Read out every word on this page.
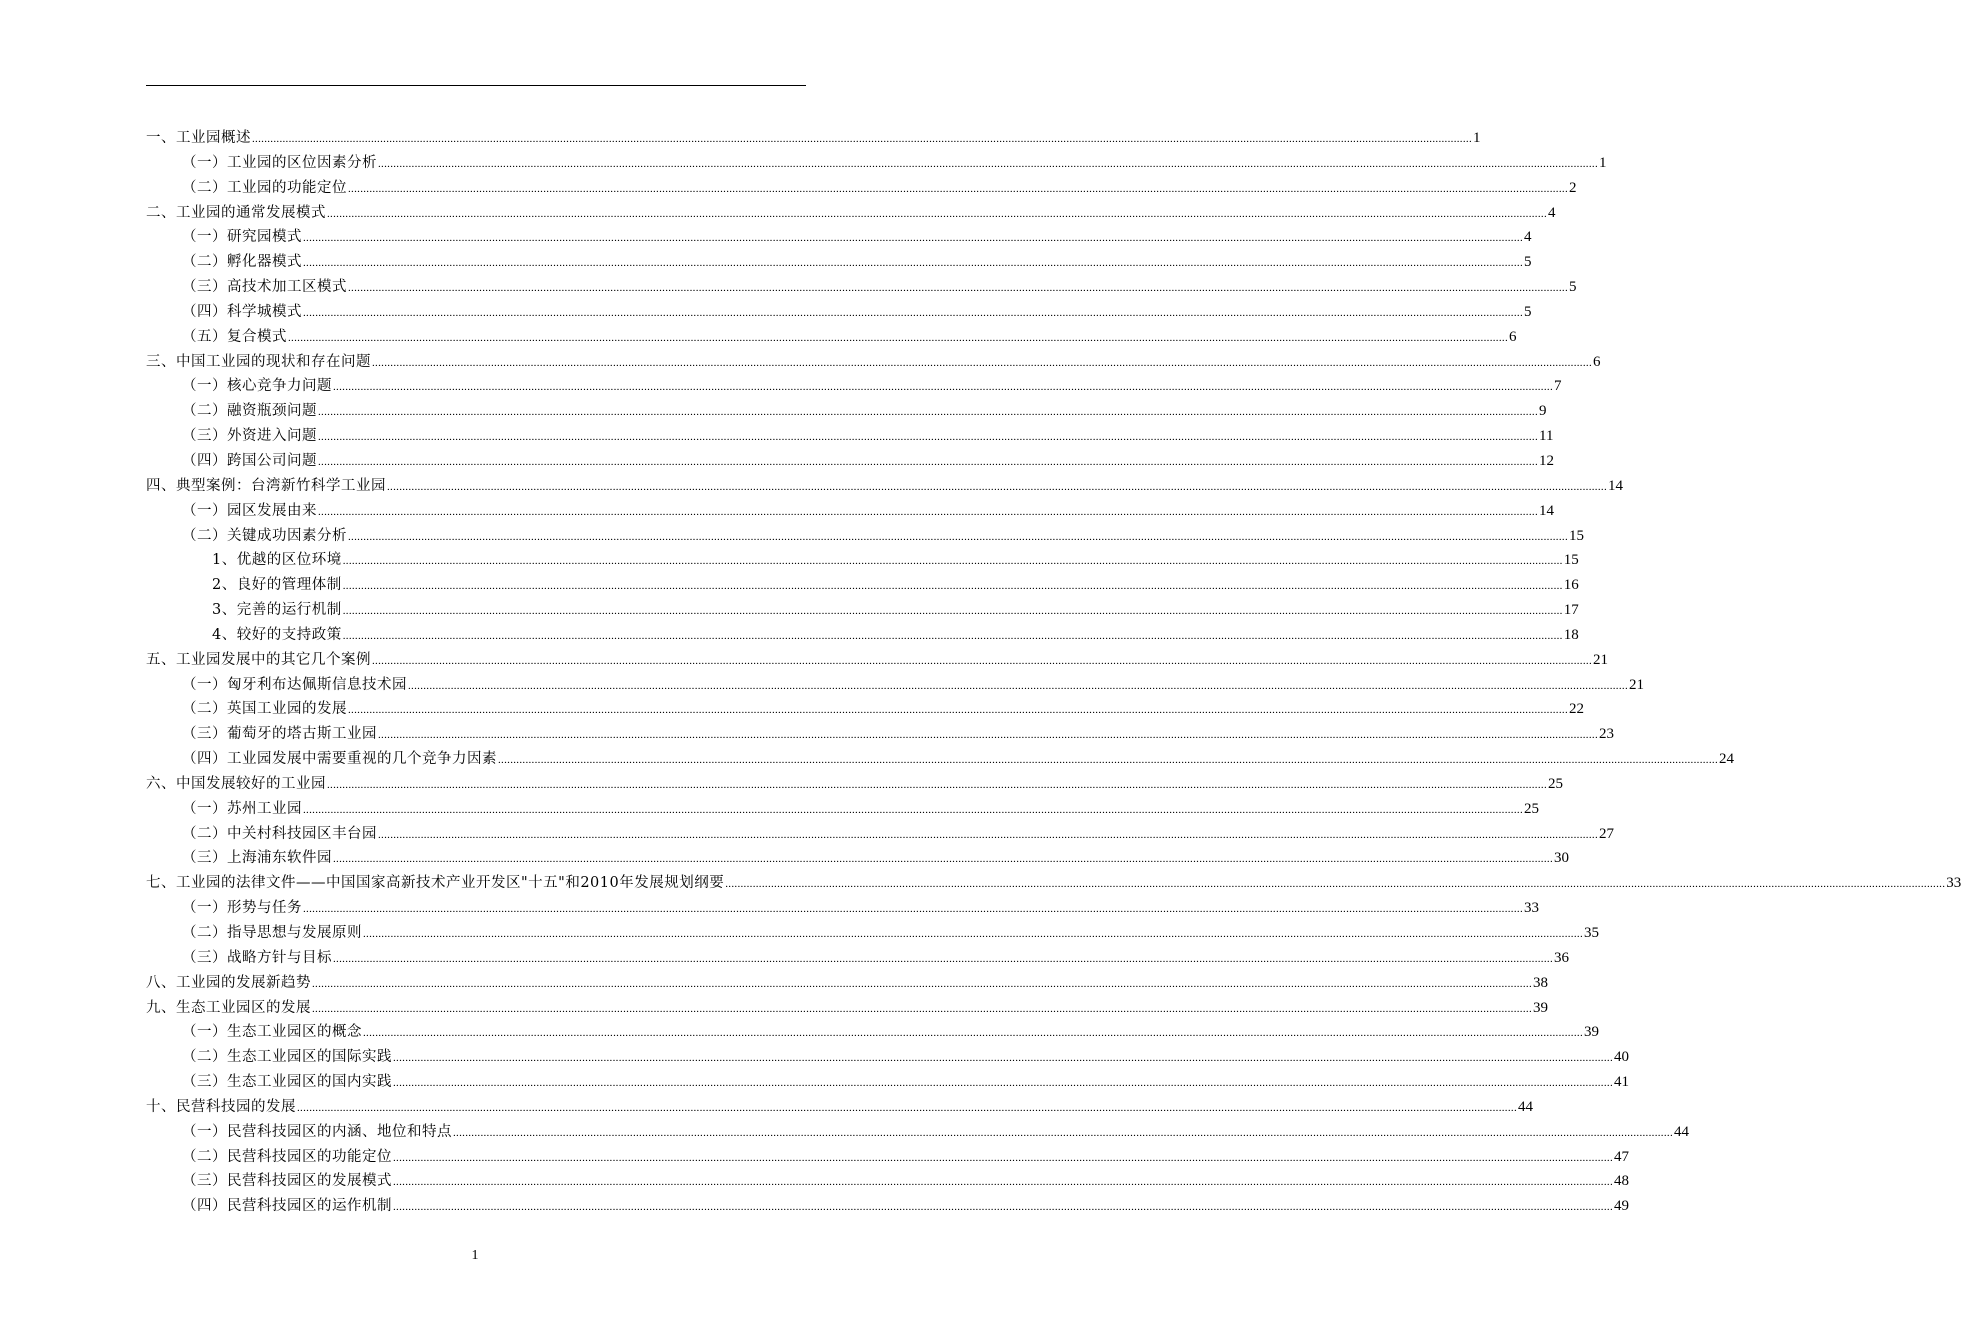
一、工业园概述 ................................................................................................................................................................................................................................................................................................................................................................................................................ 1
（一）工业园的区位因素分析 ................................................................................................................................................................................................................................................................................................................................................................................................................ 1
（二）工业园的功能定位 ................................................................................................................................................................................................................................................................................................................................................................................................................ 2
二、工业园的通常发展模式 ................................................................................................................................................................................................................................................................................................................................................................................................................ 4
（一）研究园模式 ................................................................................................................................................................................................................................................................................................................................................................................................................ 4
（二）孵化器模式 ................................................................................................................................................................................................................................................................................................................................................................................................................ 5
（三）高技术加工区模式 ................................................................................................................................................................................................................................................................................................................................................................................................................ 5
（四）科学城模式 ................................................................................................................................................................................................................................................................................................................................................................................................................ 5
（五）复合模式 ................................................................................................................................................................................................................................................................................................................................................................................................................ 6
三、中国工业园的现状和存在问题 ................................................................................................................................................................................................................................................................................................................................................................................................................ 6
（一）核心竞争力问题 ................................................................................................................................................................................................................................................................................................................................................................................................................ 7
（二）融资瓶颈问题 ................................................................................................................................................................................................................................................................................................................................................................................................................ 9
（三）外资进入问题 ................................................................................................................................................................................................................................................................................................................................................................................................................ 11
（四）跨国公司问题 ................................................................................................................................................................................................................................................................................................................................................................................................................ 12
四、典型案例：台湾新竹科学工业园 ................................................................................................................................................................................................................................................................................................................................................................................................................ 14
（一）园区发展由来 ................................................................................................................................................................................................................................................................................................................................................................................................................ 14
（二）关键成功因素分析 ................................................................................................................................................................................................................................................................................................................................................................................................................ 15
1、优越的区位环境 ................................................................................................................................................................................................................................................................................................................................................................................................................ 15
2、良好的管理体制 ................................................................................................................................................................................................................................................................................................................................................................................................................ 16
3、完善的运行机制 ................................................................................................................................................................................................................................................................................................................................................................................................................ 17
4、较好的支持政策 ................................................................................................................................................................................................................................................................................................................................................................................................................ 18
五、工业园发展中的其它几个案例 ................................................................................................................................................................................................................................................................................................................................................................................................................ 21
（一）匈牙利布达佩斯信息技术园 ................................................................................................................................................................................................................................................................................................................................................................................................................ 21
（二）英国工业园的发展 ................................................................................................................................................................................................................................................................................................................................................................................................................ 22
（三）葡萄牙的塔古斯工业园 ................................................................................................................................................................................................................................................................................................................................................................................................................ 23
（四）工业园发展中需要重视的几个竞争力因素 ................................................................................................................................................................................................................................................................................................................................................................................................................ 24
六、中国发展较好的工业园 ................................................................................................................................................................................................................................................................................................................................................................................................................ 25
（一）苏州工业园 ................................................................................................................................................................................................................................................................................................................................................................................................................ 25
（二）中关村科技园区丰台园 ................................................................................................................................................................................................................................................................................................................................................................................................................ 27
（三）上海浦东软件园 ................................................................................................................................................................................................................................................................................................................................................................................................................ 30
七、工业园的法律文件——中国国家高新技术产业开发区"十五"和2010年发展规划纲要 ................................................................................................................................................................................................................................................................................................................................................................................................................ 33
（一）形势与任务 ................................................................................................................................................................................................................................................................................................................................................................................................................ 33
（二）指导思想与发展原则 ................................................................................................................................................................................................................................................................................................................................................................................................................ 35
（三）战略方针与目标 ................................................................................................................................................................................................................................................................................................................................................................................................................ 36
八、工业园的发展新趋势 ................................................................................................................................................................................................................................................................................................................................................................................................................ 38
九、生态工业园区的发展 ................................................................................................................................................................................................................................................................................................................................................................................................................ 39
（一）生态工业园区的概念 ................................................................................................................................................................................................................................................................................................................................................................................................................ 39
（二）生态工业园区的国际实践 ................................................................................................................................................................................................................................................................................................................................................................................................................ 40
（三）生态工业园区的国内实践 ................................................................................................................................................................................................................................................................................................................................................................................................................ 41
十、民营科技园的发展 ................................................................................................................................................................................................................................................................................................................................................................................................................ 44
（一）民营科技园区的内涵、地位和特点 ................................................................................................................................................................................................................................................................................................................................................................................................................ 44
（二）民营科技园区的功能定位 ................................................................................................................................................................................................................................................................................................................................................................................................................ 47
（三）民营科技园区的发展模式 ................................................................................................................................................................................................................................................................................................................................................................................................................ 48
（四）民营科技园区的运作机制 ................................................................................................................................................................................................................................................................................................................................................................................................................ 49
1
